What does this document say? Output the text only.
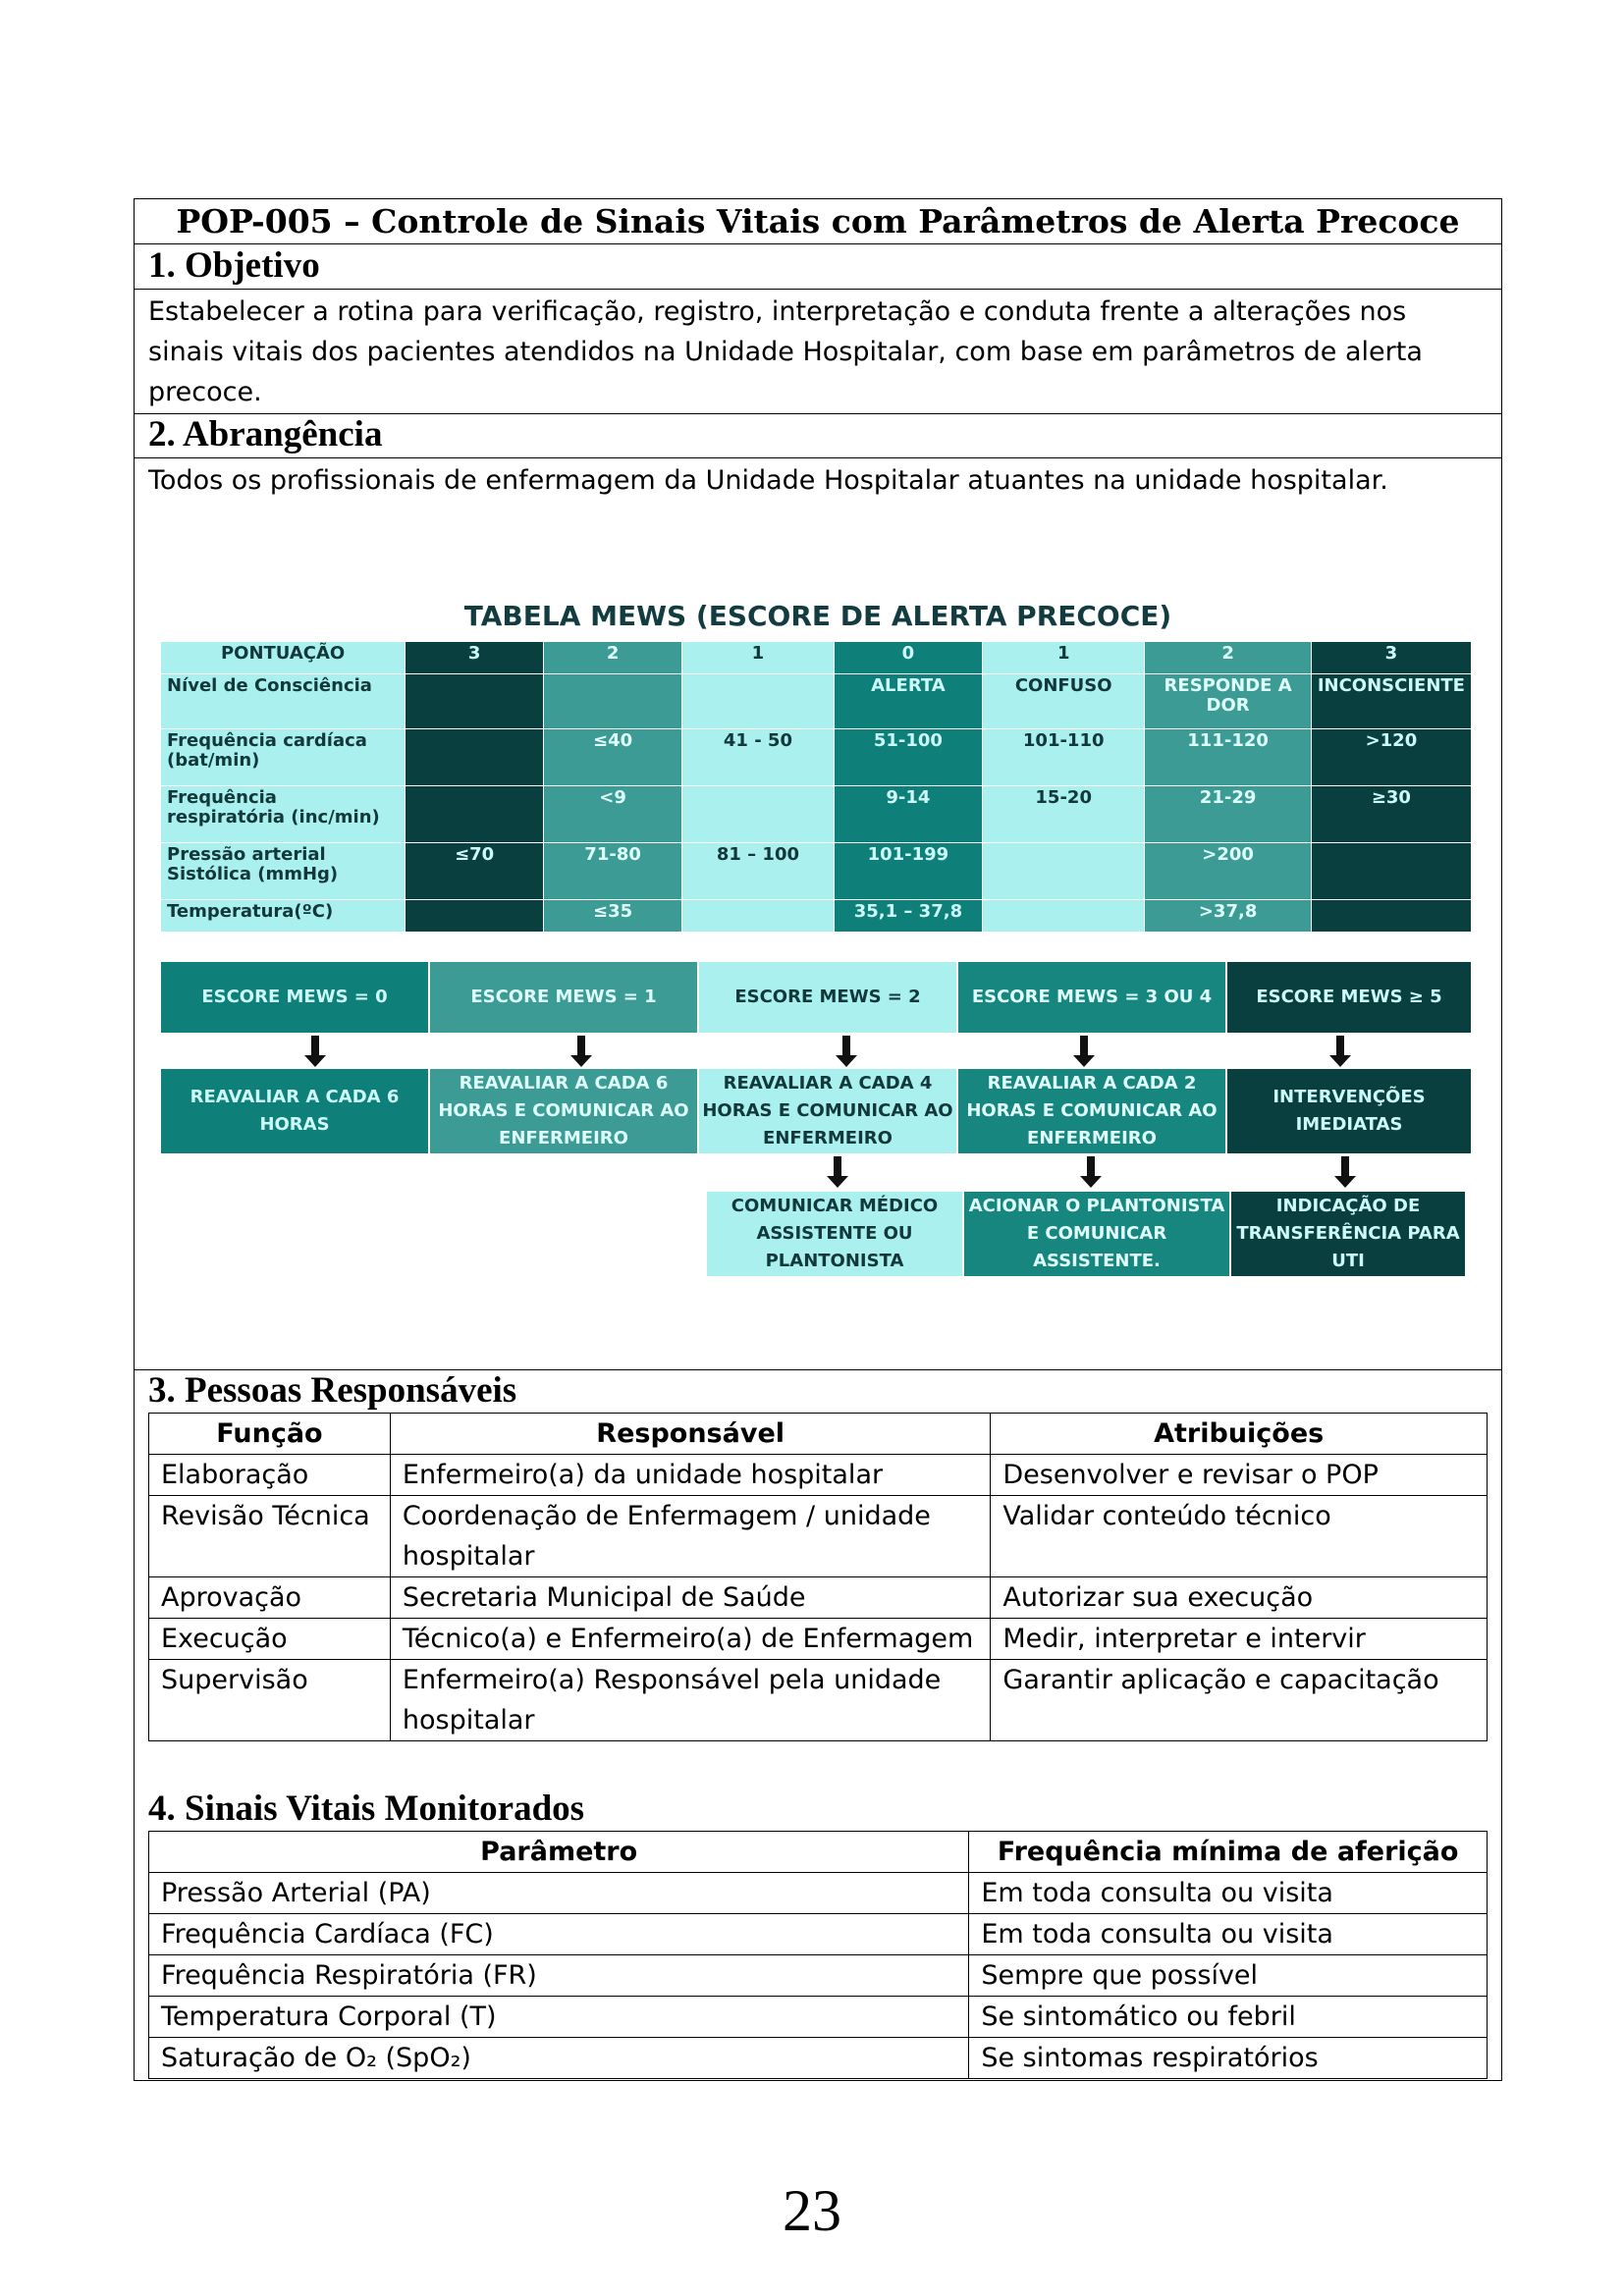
POP-005 – Controle de Sinais Vitais com Parâmetros de Alerta Precoce
1. Objetivo
Estabelecer a rotina para verificação, registro, interpretação e conduta frente a alterações nos
sinais vitais dos pacientes atendidos na Unidade Hospitalar, com base em parâmetros de alerta
precoce.
2. Abrangência
Todos os profissionais de enfermagem da Unidade Hospitalar atuantes na unidade hospitalar.
TABELA MEWS (ESCORE DE ALERTA PRECOCE)
PONTUAÇÃO	3	2	1	0	1	2	3
Nível de Consciência				ALERTA	CONFUSO	RESPONDE A DOR	INCONSCIENTE
Frequência cardíaca (bat/min)		≤40	41 - 50	51-100	101-110	111-120	>120
Frequência respiratória (inc/min)		<9		9-14	15-20	21-29	≥30
Pressão arterial Sistólica (mmHg)	≤70	71-80	81 – 100	101-199		>200	
Temperatura(ºC)		≤35		35,1 – 37,8		>37,8	
ESCORE MEWS = 0	ESCORE MEWS = 1	ESCORE MEWS = 2	ESCORE MEWS = 3 OU 4	ESCORE MEWS ≥ 5
REAVALIAR A CADA 6 HORAS
REAVALIAR A CADA 6 HORAS E COMUNICAR AO ENFERMEIRO
REAVALIAR A CADA 4 HORAS E COMUNICAR AO ENFERMEIRO
REAVALIAR A CADA 2 HORAS E COMUNICAR AO ENFERMEIRO
INTERVENÇÕES IMEDIATAS
COMUNICAR MÉDICO ASSISTENTE OU PLANTONISTA
ACIONAR O PLANTONISTA E COMUNICAR ASSISTENTE.
INDICAÇÃO DE TRANSFERÊNCIA PARA UTI
3. Pessoas Responsáveis
Função	Responsável	Atribuições
Elaboração	Enfermeiro(a) da unidade hospitalar	Desenvolver e revisar o POP
Revisão Técnica	Coordenação de Enfermagem / unidade hospitalar	Validar conteúdo técnico
Aprovação	Secretaria Municipal de Saúde	Autorizar sua execução
Execução	Técnico(a) e Enfermeiro(a) de Enfermagem	Medir, interpretar e intervir
Supervisão	Enfermeiro(a) Responsável pela unidade hospitalar	Garantir aplicação e capacitação
4. Sinais Vitais Monitorados
Parâmetro	Frequência mínima de aferição
Pressão Arterial (PA)	Em toda consulta ou visita
Frequência Cardíaca (FC)	Em toda consulta ou visita
Frequência Respiratória (FR)	Sempre que possível
Temperatura Corporal (T)	Se sintomático ou febril
Saturação de O₂ (SpO₂)	Se sintomas respiratórios
23
